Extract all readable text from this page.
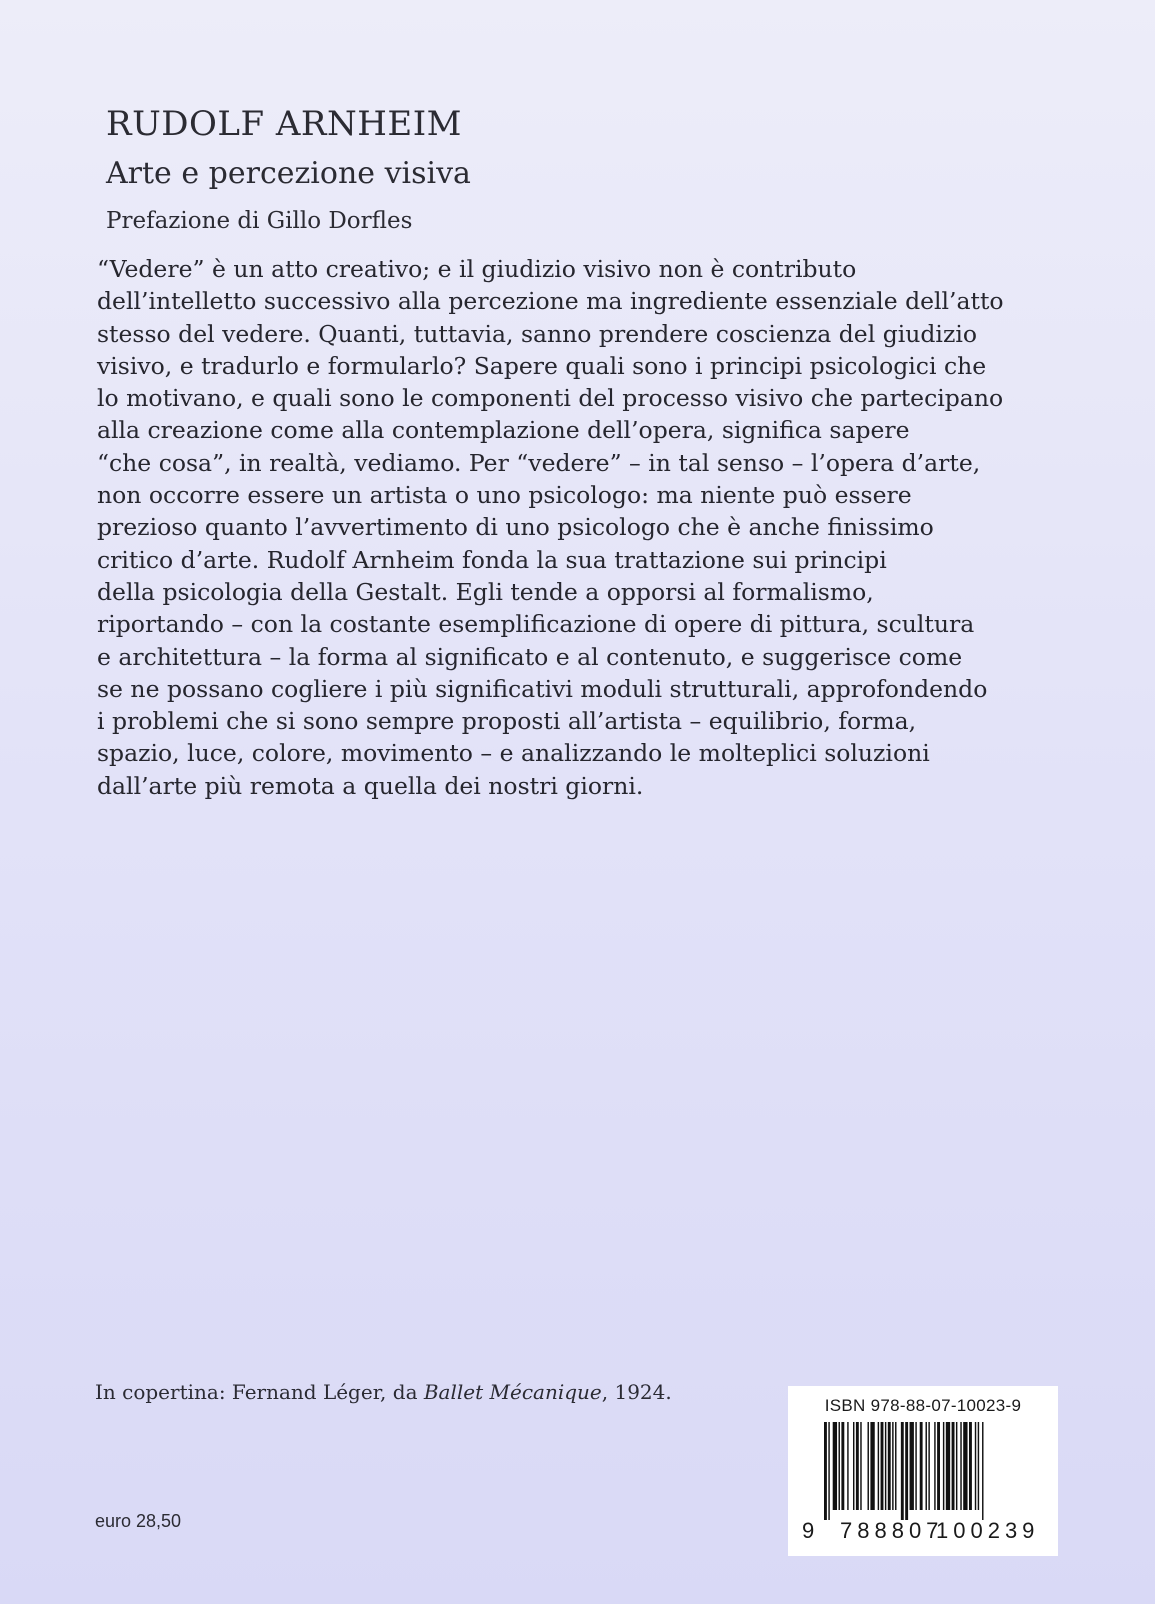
RUDOLF ARNHEIM
Arte e percezione visiva
Prefazione di Gillo Dorfles

“Vedere” è un atto creativo; e il giudizio visivo non è contributo
dell’intelletto successivo alla percezione ma ingrediente essenziale dell’atto
stesso del vedere. Quanti, tuttavia, sanno prendere coscienza del giudizio
visivo, e tradurlo e formularlo? Sapere quali sono i principi psicologici che
lo motivano, e quali sono le componenti del processo visivo che partecipano
alla creazione come alla contemplazione dell’opera, significa sapere
“che cosa”, in realtà, vediamo. Per “vedere” – in tal senso – l’opera d’arte,
non occorre essere un artista o uno psicologo: ma niente può essere
prezioso quanto l’avvertimento di uno psicologo che è anche finissimo
critico d’arte. Rudolf Arnheim fonda la sua trattazione sui principi
della psicologia della Gestalt. Egli tende a opporsi al formalismo,
riportando – con la costante esemplificazione di opere di pittura, scultura
e architettura – la forma al significato e al contenuto, e suggerisce come
se ne possano cogliere i più significativi moduli strutturali, approfondendo
i problemi che si sono sempre proposti all’artista – equilibrio, forma,
spazio, luce, colore, movimento – e analizzando le molteplici soluzioni
dall’arte più remota a quella dei nostri giorni.

In copertina: Fernand Léger, da Ballet Mécanique, 1924.
euro 28,50
ISBN 978-88-07-10023-9
9 788807
100239
